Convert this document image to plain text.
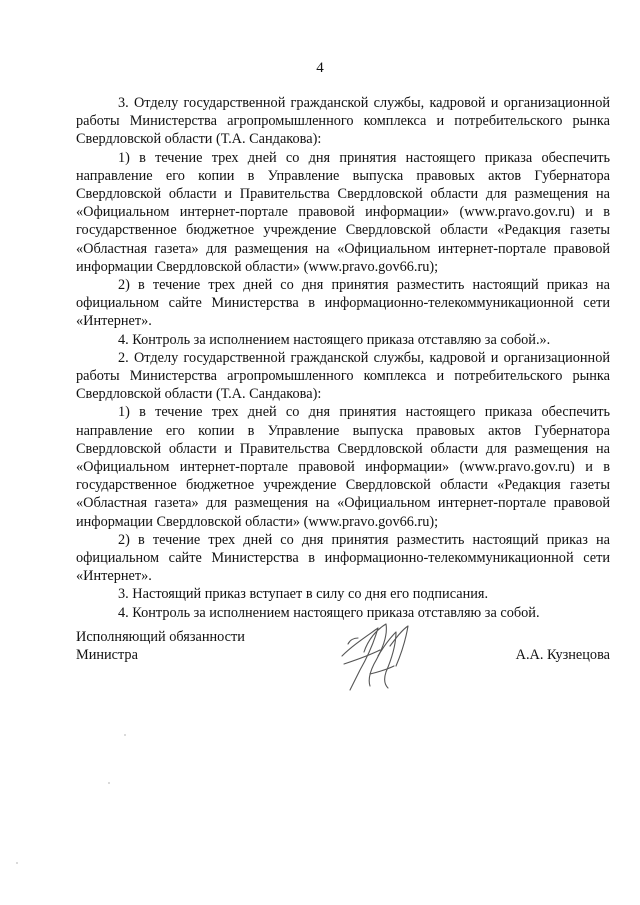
4

3. Отделу государственной гражданской службы, кадровой и организационной работы Министерства агропромышленного комплекса и потребительского рынка Свердловской области (Т.А. Сандакова):

1) в течение трех дней со дня принятия настоящего приказа обеспечить направление его копии в Управление выпуска правовых актов Губернатора Свердловской области и Правительства Свердловской области для размещения на «Официальном интернет-портале правовой информации» (www.pravo.gov.ru) и в государственное бюджетное учреждение Свердловской области «Редакция газеты «Областная газета» для размещения на «Официальном интернет-портале правовой информации Свердловской области» (www.pravo.gov66.ru);

2) в течение трех дней со дня принятия разместить настоящий приказ на официальном сайте Министерства в информационно-телекоммуникационной сети «Интернет».

4. Контроль за исполнением настоящего приказа отставляю за собой.».

2. Отделу государственной гражданской службы, кадровой и организационной работы Министерства агропромышленного комплекса и потребительского рынка Свердловской области (Т.А. Сандакова):

1) в течение трех дней со дня принятия настоящего приказа обеспечить направление его копии в Управление выпуска правовых актов Губернатора Свердловской области и Правительства Свердловской области для размещения на «Официальном интернет-портале правовой информации» (www.pravo.gov.ru) и в государственное бюджетное учреждение Свердловской области «Редакция газеты «Областная газета» для размещения на «Официальном интернет-портале правовой информации Свердловской области» (www.pravo.gov66.ru);

2) в течение трех дней со дня принятия разместить настоящий приказ на официальном сайте Министерства в информационно-телекоммуникационной сети «Интернет».

3. Настоящий приказ вступает в силу со дня его подписания.

4. Контроль за исполнением настоящего приказа отставляю за собой.

Исполняющий обязанности
Министра	А.А. Кузнецова
